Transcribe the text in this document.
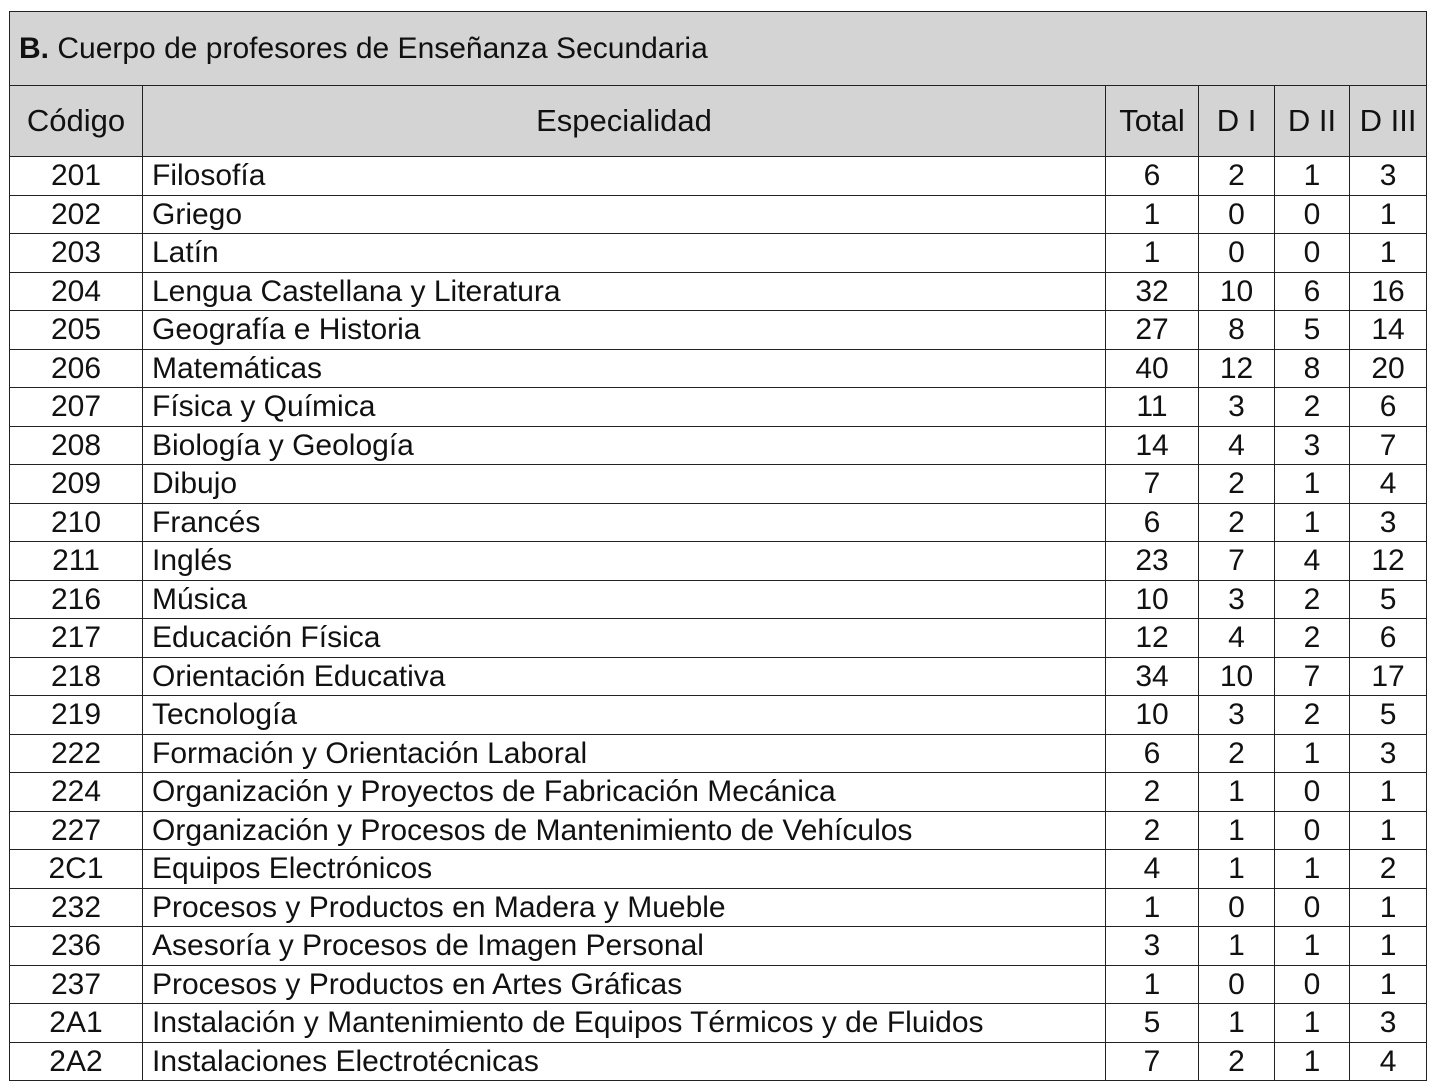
B. Cuerpo de profesores de Enseñanza Secundaria					
Código	Especialidad	Total	D I	D II	D III
201	Filosofía	6	2	1	3
202	Griego	1	0	0	1
203	Latín	1	0	0	1
204	Lengua Castellana y Literatura	32	10	6	16
205	Geografía e Historia	27	8	5	14
206	Matemáticas	40	12	8	20
207	Física y Química	11	3	2	6
208	Biología y Geología	14	4	3	7
209	Dibujo	7	2	1	4
210	Francés	6	2	1	3
211	Inglés	23	7	4	12
216	Música	10	3	2	5
217	Educación Física	12	4	2	6
218	Orientación Educativa	34	10	7	17
219	Tecnología	10	3	2	5
222	Formación y Orientación Laboral	6	2	1	3
224	Organización y Proyectos de Fabricación Mecánica	2	1	0	1
227	Organización y Procesos de Mantenimiento de Vehículos	2	1	0	1
2C1	Equipos Electrónicos	4	1	1	2
232	Procesos y Productos en Madera y Mueble	1	0	0	1
236	Asesoría y Procesos de Imagen Personal	3	1	1	1
237	Procesos y Productos en Artes Gráficas	1	0	0	1
2A1	Instalación y Mantenimiento de Equipos Térmicos y de Fluidos	5	1	1	3
2A2	Instalaciones Electrotécnicas	7	2	1	4
